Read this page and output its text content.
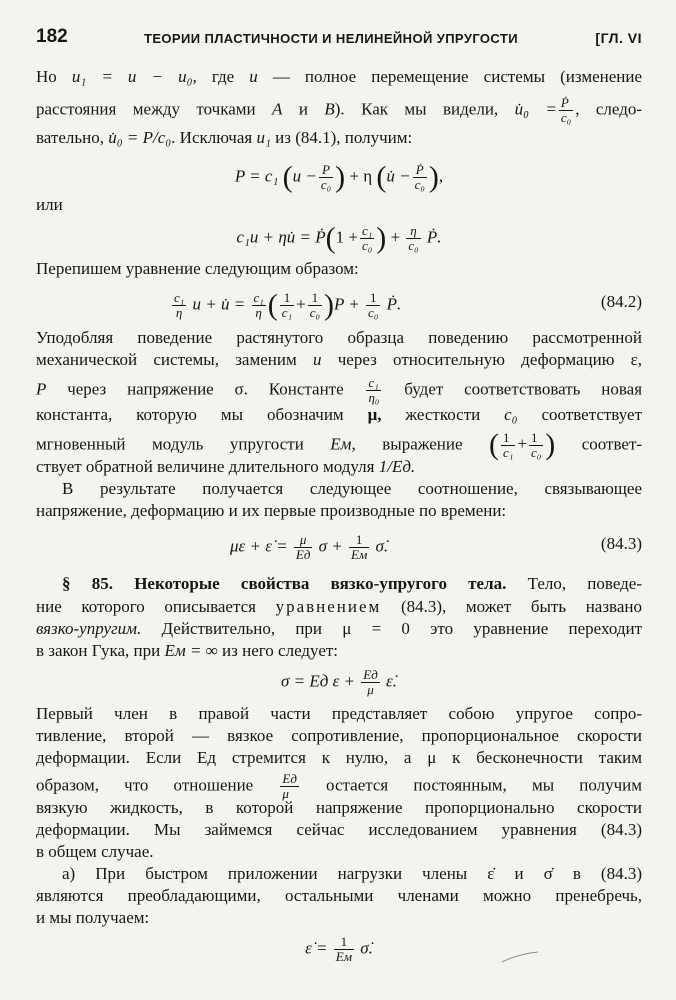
182	ТЕОРИИ ПЛАСТИЧНОСТИ И НЕЛИНЕЙНОЙ УПРУГОСТИ	[ГЛ. VI
Но u₁ = u − u₀, где u — полное перемещение системы (изменение
расстояния между точками A и B). Как мы видели, u̇₀ = $\frac{\text{Ṗ}}{\text{c₀}}$ , следо-
вательно, u̇₀ = P/c₀. Исключая u₁ из (84.1), получим:
P = c₁ ($u - \frac{P}{\text{c₀}}$ ) + η (u̇ − $\frac{\text{Ṗ}}{\text{c₀}}$ ),
или
c₁u + ηu̇ = Ṗ(1 + $\frac{\text{c₁}}{\text{c₀}}$ ) + $\frac{\eta}{\text{c₀}}$ Ṗ.
Перепишем уравнение следующим образом:
$\frac{\text{c₁}}{\eta}$ u + u̇ = $\frac{\text{c₁}}{\eta}$ ( $\frac{1}{\text{c₁}} + \frac{1}{\text{c₀}} )P + \frac{1}{\text{c₀}}$ Ṗ.	(84.2)
Уподобляя поведение растянутого образца поведению рассмотренной
механической системы, заменим u через относительную деформацию ε,
P через напряжение σ. Константе $\frac{\text{c₁}}{\text{η₀}}$ будет соответствовать новая
константа, которую мы обозначим μ, жесткости c₀ соответствует
мгновенный модуль упругости Eм, выражение ( $\frac{1}{\text{c₁}} + \frac{1}{\text{c₀}}$ ) соответ-
ствует обратной величине длительного модуля 1/Eд.
В результате получается следующее соотношение, связывающее
напряжение, деформацию и их первые производные по времени:
με + ε̇ = $\frac{\mu}{Eд}$ $\sigma + \frac{1}{Eм}$ σ̇.	(84.3)
§ 85. Некоторые свойства вязко-упругого тела. Тело, поведе-
ние которого описывается уравнением (84.3), может быть названо
вязко-упругим. Действительно, при μ = 0 это уравнение переходит
в закон Гука, при Eм = ∞ из него следует:
σ = Eд $\varepsilon + \frac{Eд}{\mu}$ ε̇.
Первый член в правой части представляет собою упругое сопро-
тивление, второй — вязкое сопротивление, пропорциональное скорости
деформации. Если Eд стремится к нулю, а μ к бесконечности таким
образом, что отношение $\frac{Eд}{\mu}$ остается постоянным, мы получим
вязкую жидкость, в которой напряжение пропорционально скорости
деформации. Мы займемся сейчас исследованием уравнения (84.3)
в общем случае.
а) При быстром приложении нагрузки члены ε̇ и σ̇ в (84.3)
являются преобладающими, остальными членами можно пренебречь,
и мы получаем:
ε̇ = $\frac{1}{Eм}$ σ̇.
